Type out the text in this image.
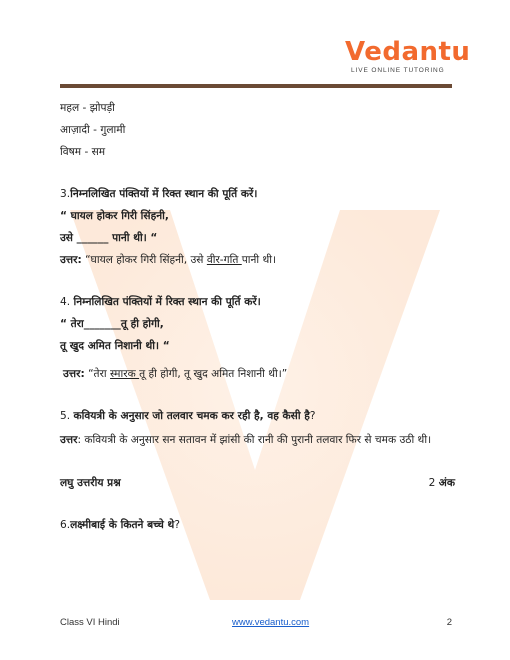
Vedantu
LIVE ONLINE TUTORING
महल - झोपड़ी
आज़ादी - गुलामी
विषम - सम
3.निम्नलिखित पंक्तियों में रिक्त स्थान की पूर्ति करें।
“ घायल होकर गिरी सिंहनी,
उसे ______ पानी थी। “
उत्तर: “घायल होकर गिरी सिंहनी, उसे वीर-गति पानी थी।
4. निम्नलिखित पंक्तियों में रिक्त स्थान की पूर्ति करें।
“ तेरा_______तू ही होगी,
तू खुद अमित निशानी थी। “
उत्तर: “तेरा स्मारक तू ही होगी, तू खुद अमित निशानी थी।”
5. कवियत्री के अनुसार जो तलवार चमक कर रही है, वह कैसी है?
उत्तर: कवियत्री के अनुसार सन सतावन में झांसी की रानी की पुरानी तलवार फिर से चमक उठी थी।
लघु उत्तरीय प्रश्न	2 अंक
6.लक्ष्मीबाई के कितने बच्चे थे?
Class VI Hindi	www.vedantu.com	2
